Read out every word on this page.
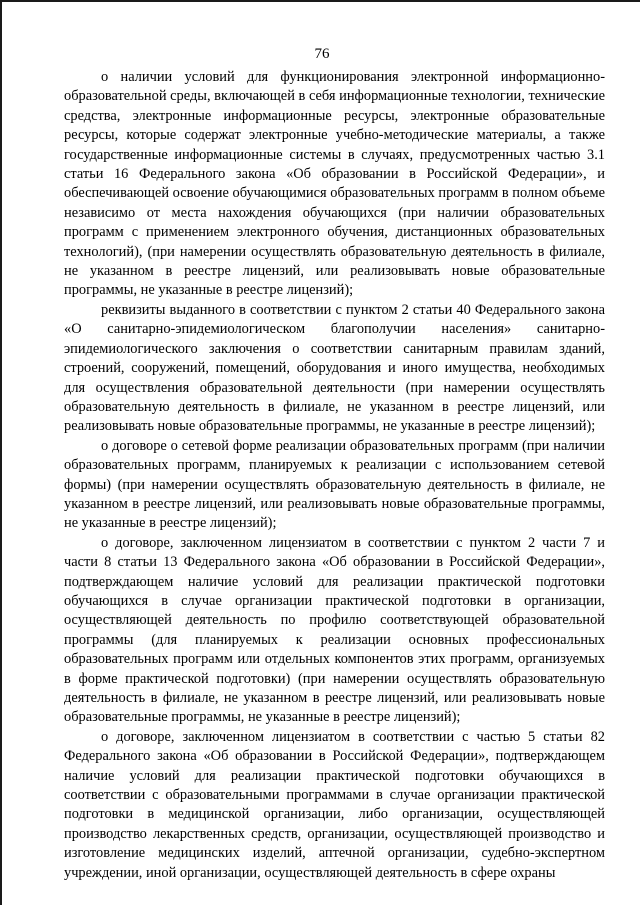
76

о наличии условий для функционирования электронной информационно-образовательной среды, включающей в себя информационные технологии, технические средства, электронные информационные ресурсы, электронные образовательные ресурсы, которые содержат электронные учебно-методические материалы, а также государственные информационные системы в случаях, предусмотренных частью 3.1 статьи 16 Федерального закона «Об образовании в Российской Федерации», и обеспечивающей освоение обучающимися образовательных программ в полном объеме независимо от места нахождения обучающихся (при наличии образовательных программ с применением электронного обучения, дистанционных образовательных технологий), (при намерении осуществлять образовательную деятельность в филиале, не указанном в реестре лицензий, или реализовывать новые образовательные программы, не указанные в реестре лицензий);

реквизиты выданного в соответствии с пунктом 2 статьи 40 Федерального закона «О санитарно-эпидемиологическом благополучии населения» санитарно-эпидемиологического заключения о соответствии санитарным правилам зданий, строений, сооружений, помещений, оборудования и иного имущества, необходимых для осуществления образовательной деятельности (при намерении осуществлять образовательную деятельность в филиале, не указанном в реестре лицензий, или реализовывать новые образовательные программы, не указанные в реестре лицензий);

о договоре о сетевой форме реализации образовательных программ (при наличии образовательных программ, планируемых к реализации с использованием сетевой формы) (при намерении осуществлять образовательную деятельность в филиале, не указанном в реестре лицензий, или реализовывать новые образовательные программы, не указанные в реестре лицензий);

о договоре, заключенном лицензиатом в соответствии с пунктом 2 части 7 и части 8 статьи 13 Федерального закона «Об образовании в Российской Федерации», подтверждающем наличие условий для реализации практической подготовки обучающихся в случае организации практической подготовки в организации, осуществляющей деятельность по профилю соответствующей образовательной программы (для планируемых к реализации основных профессиональных образовательных программ или отдельных компонентов этих программ, организуемых в форме практической подготовки) (при намерении осуществлять образовательную деятельность в филиале, не указанном в реестре лицензий, или реализовывать новые образовательные программы, не указанные в реестре лицензий);

о договоре, заключенном лицензиатом в соответствии с частью 5 статьи 82 Федерального закона «Об образовании в Российской Федерации», подтверждающем наличие условий для реализации практической подготовки обучающихся в соответствии с образовательными программами в случае организации практической подготовки в медицинской организации, либо организации, осуществляющей производство лекарственных средств, организации, осуществляющей производство и изготовление медицинских изделий, аптечной организации, судебно-экспертном учреждении, иной организации, осуществляющей деятельность в сфере охраны
